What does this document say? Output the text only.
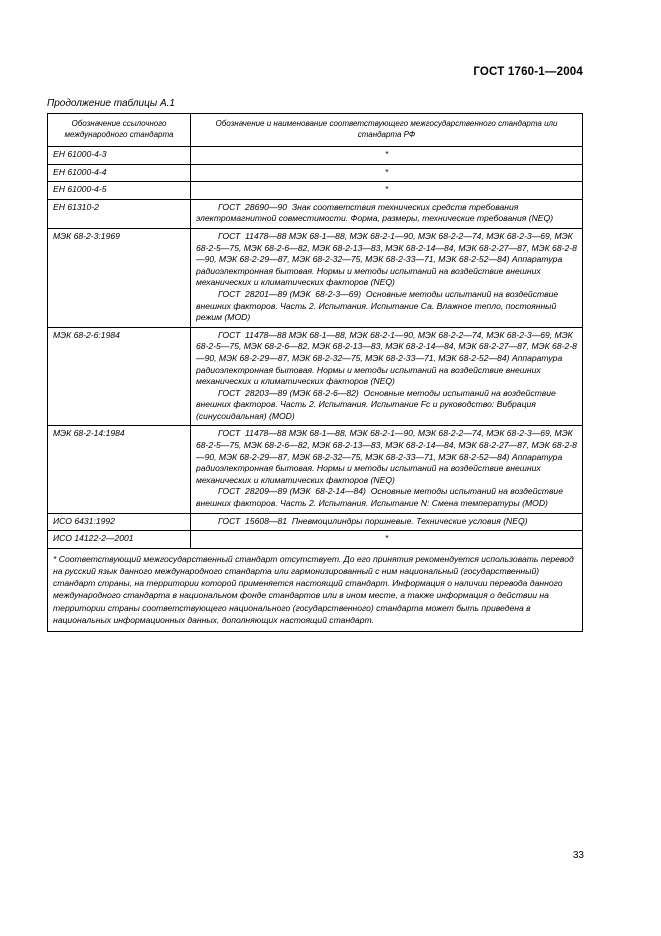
ГОСТ 1760-1—2004
Продолжение таблицы А.1
Обозначение ссылочного международного стандарта	Обозначение и наименование соответствующего межгосударственного стандарта или стандарта РФ
ЕН 61000-4-3	*

ЕН 61000-4-4	*

ЕН 61000-4-5	*

ЕН 61310-2	ГОСТ  28690—90  Знак соответствия технических средств требования электромагнитной совместимости. Форма, размеры, технические требования (NEQ)

МЭК 68-2-3:1969	ГОСТ  11478—88 МЭК 68-1—88, МЭК 68-2-1—90, МЭК 68-2-2—74, МЭК 68-2-3—69, МЭК 68-2-5—75, МЭК 68-2-6—82, МЭК 68-2-13—83, МЭК 68-2-14—84, МЭК 68-2-27—87, МЭК 68-2-8—90, МЭК 68-2-29—87, МЭК 68-2-32—75, МЭК 68-2-33—71, МЭК 68-2-52—84) Аппаратура радиоэлектронная бытовая. Нормы и методы испытаний на воздействие внешних механических и климатических факторов (NEQ)
ГОСТ  28201—89 (МЭК  68-2-3—69)  Основные методы испытаний на воздействие внешних факторов. Часть 2. Испытания. Испытание Са. Влажное тепло, постоянный режим (MOD)

МЭК 68-2-6:1984	ГОСТ  11478—88 МЭК 68-1—88, МЭК 68-2-1—90, МЭК 68-2-2—74, МЭК 68-2-3—69, МЭК 68-2-5—75, МЭК 68-2-6—82, МЭК 68-2-13—83, МЭК 68-2-14—84, МЭК 68-2-27—87, МЭК 68-2-8—90, МЭК 68-2-29—87, МЭК 68-2-32—75, МЭК 68-2-33—71, МЭК 68-2-52—84) Аппаратура радиоэлектронная бытовая. Нормы и методы испытаний на воздействие внешних механических и климатических факторов (NEQ)
ГОСТ  28203—89 (МЭК 68-2-6—82)  Основные методы испытаний на воздействие внешних факторов. Часть 2. Испытания. Испытание Fc и руководство: Вибрация (синусоидальная) (MOD)

МЭК 68-2-14:1984	ГОСТ  11478—88 МЭК 68-1—88, МЭК 68-2-1—90, МЭК 68-2-2—74, МЭК 68-2-3—69, МЭК 68-2-5—75, МЭК 68-2-6—82, МЭК 68-2-13—83, МЭК 68-2-14—84, МЭК 68-2-27—87, МЭК 68-2-8—90, МЭК 68-2-29—87, МЭК 68-2-32—75, МЭК 68-2-33—71, МЭК 68-2-52—84) Аппаратура радиоэлектронная бытовая. Нормы и методы испытаний на воздействие внешних механических и климатических факторов (NEQ)
ГОСТ  28209—89 (МЭК  68-2-14—84)  Основные методы испытаний на воздействие внешних факторов. Часть 2. Испытания. Испытание N: Смена температуры (MOD)

ИСО 6431:1992	ГОСТ  15608—81  Пневмоцилиндры поршневые. Технические условия (NEQ)

ИСО 14122-2—2001	*

* Соответствующий межгосударственный стандарт отсутствует. До его принятия рекомендуется использовать перевод на русский язык данного международного стандарта или гармонизированный с ним национальный (государственный) стандарт страны, на территории которой применяется настоящий стандарт. Информация о наличии перевода данного международного стандарта в национальном фонде стандартов или в ином месте, а также информация о действии на территории страны соответствующего национального (государственного) стандарта может быть приведена в национальных информационных данных, дополняющих настоящий стандарт.	
33
